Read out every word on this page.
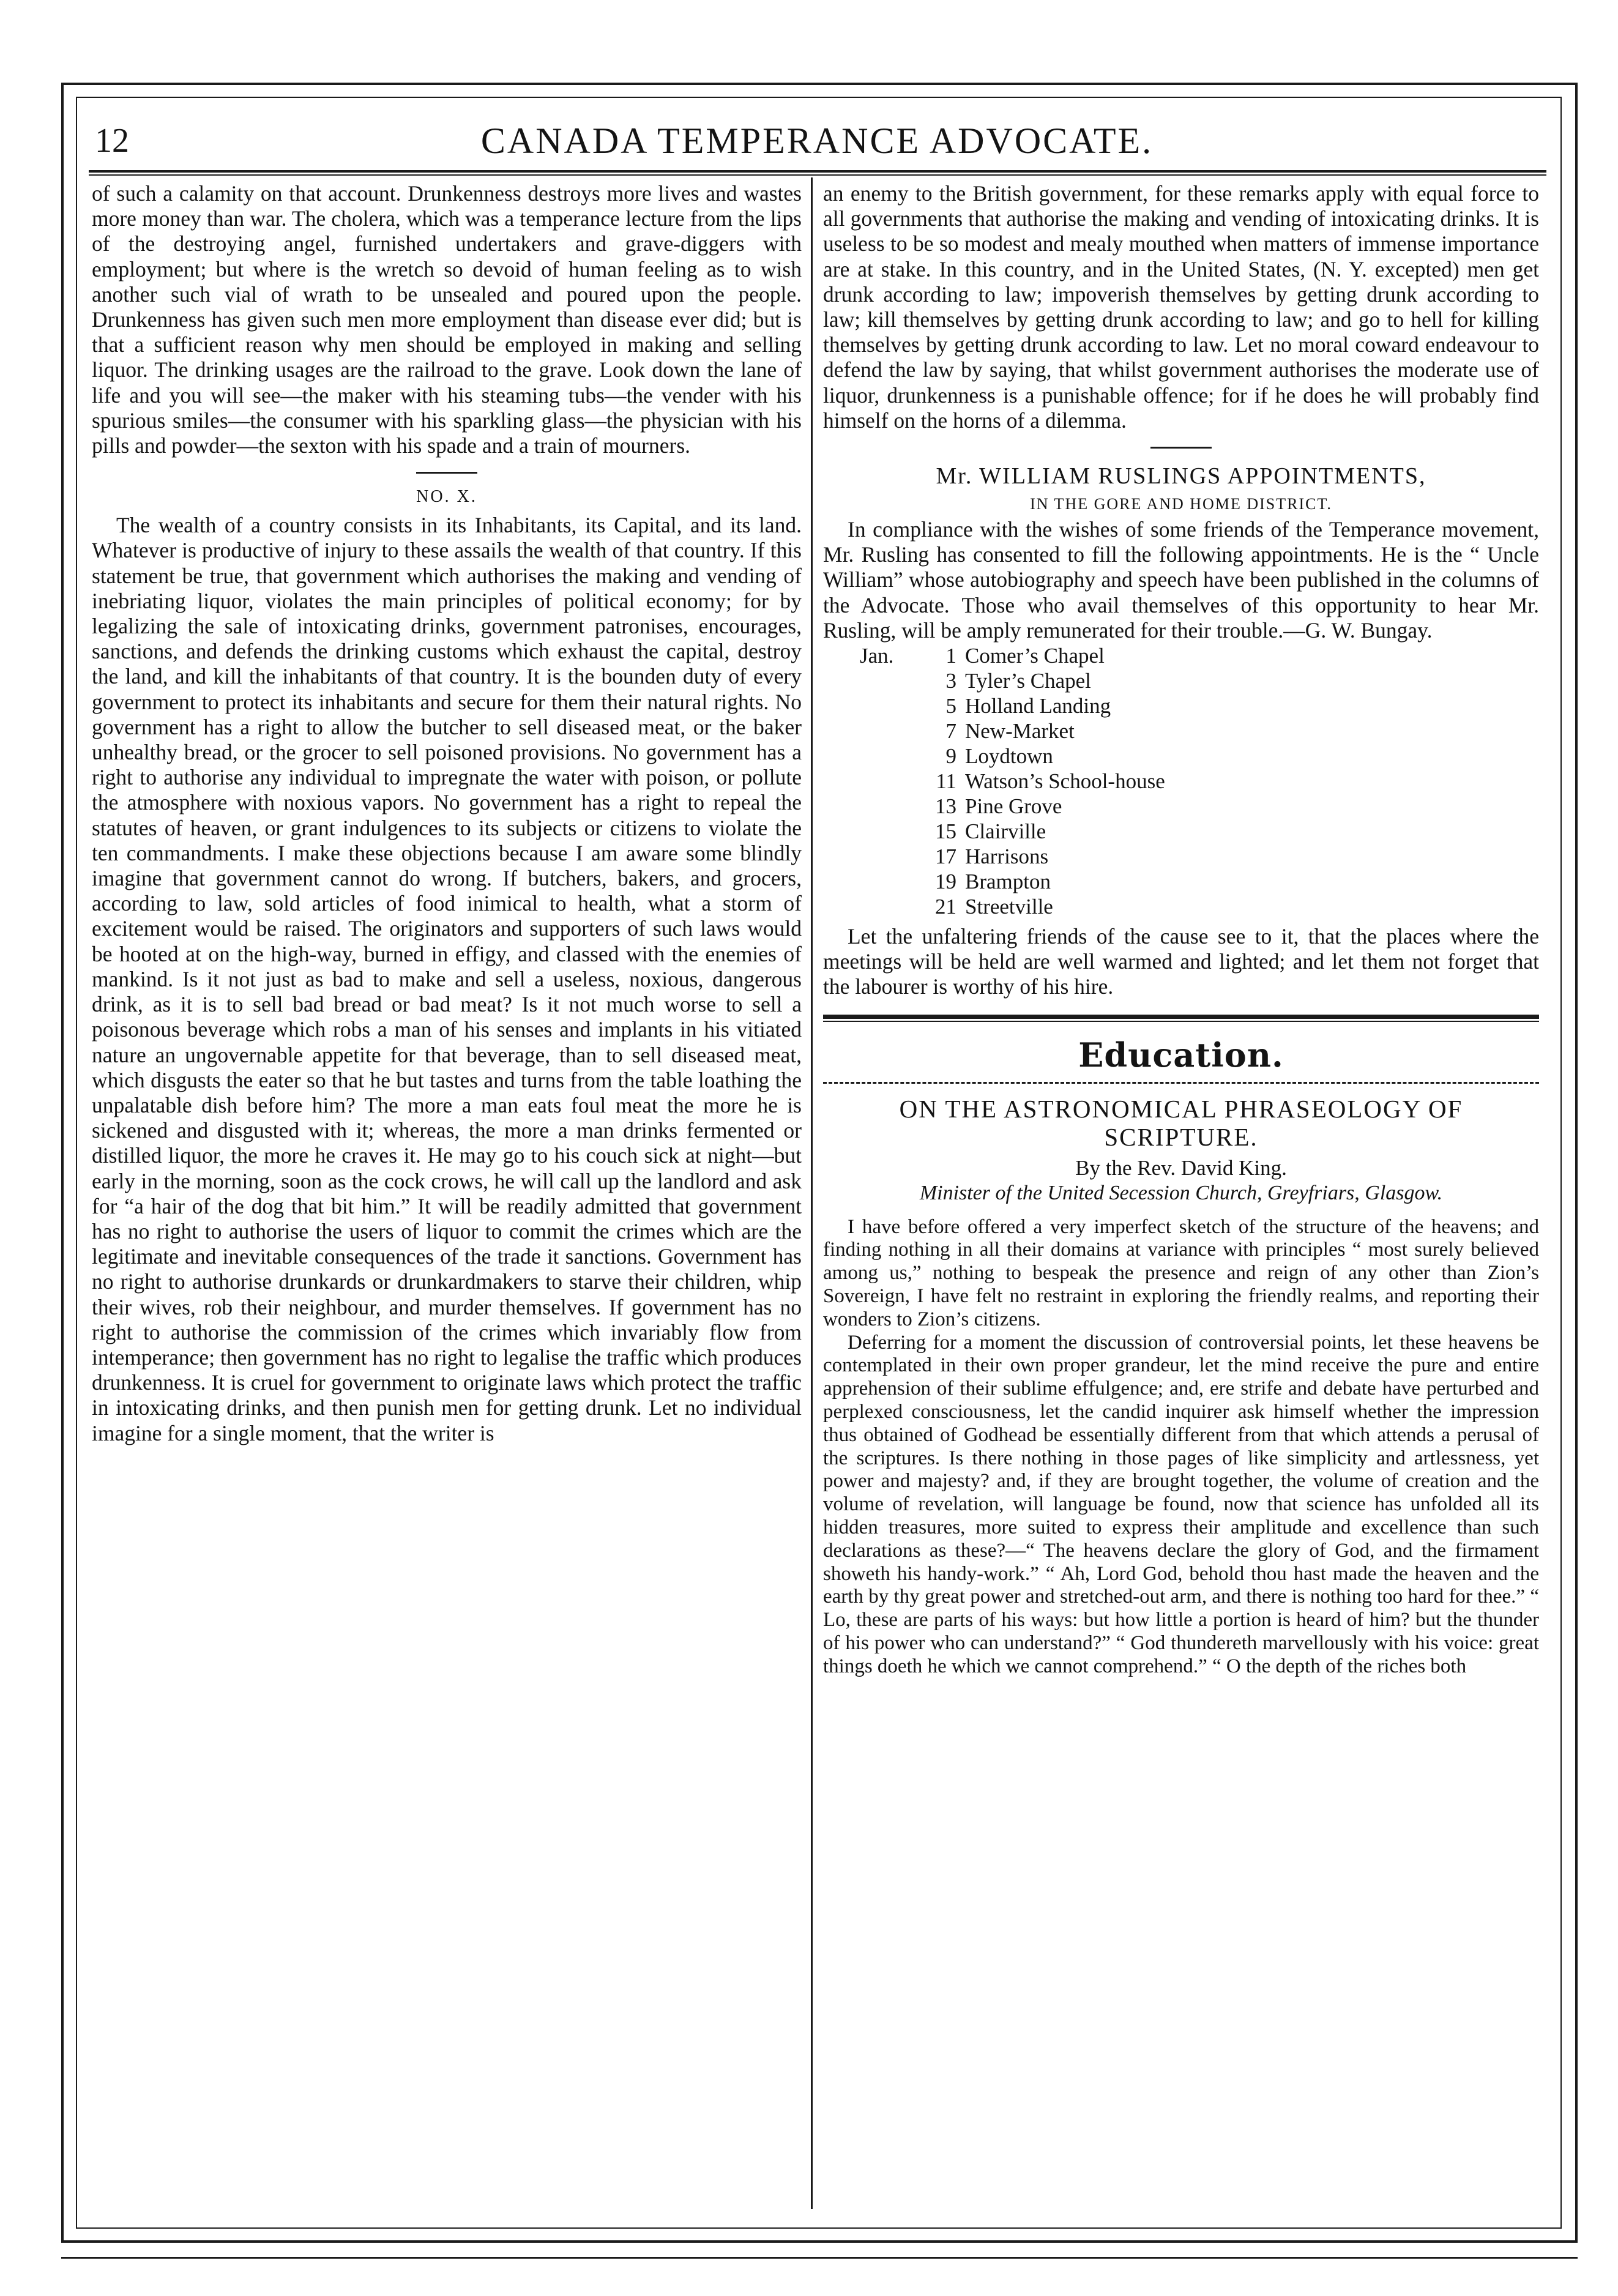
12	CANADA TEMPERANCE ADVOCATE.

of such a calamity on that account. Drunkenness destroys more lives and wastes more money than war. The cholera, which was a temperance lecture from the lips of the destroying angel, furnished undertakers and grave-diggers with employment; but where is the wretch so devoid of human feeling as to wish another such vial of wrath to be unsealed and poured upon the people. Drunkenness has given such men more employment than disease ever did; but is that a sufficient reason why men should be employed in making and selling liquor. The drinking usages are the railroad to the grave. Look down the lane of life and you will see—the maker with his steaming tubs—the vender with his spurious smiles—the consumer with his sparkling glass—the physician with his pills and powder—the sexton with his spade and a train of mourners.

NO. X.

The wealth of a country consists in its Inhabitants, its Capital, and its land. Whatever is productive of injury to these assails the wealth of that country. If this statement be true, that government which authorises the making and vending of inebriating liquor, violates the main principles of political economy; for by legalizing the sale of intoxicating drinks, government patronises, encourages, sanctions, and defends the drinking customs which exhaust the capital, destroy the land, and kill the inhabitants of that country. It is the bounden duty of every government to protect its inhabitants and secure for them their natural rights. No government has a right to allow the butcher to sell diseased meat, or the baker unhealthy bread, or the grocer to sell poisoned provisions. No government has a right to authorise any individual to impregnate the water with poison, or pollute the atmosphere with noxious vapors. No government has a right to repeal the statutes of heaven, or grant indulgences to its subjects or citizens to violate the ten commandments. I make these objections because I am aware some blindly imagine that government cannot do wrong. If butchers, bakers, and grocers, according to law, sold articles of food inimical to health, what a storm of excitement would be raised. The originators and supporters of such laws would be hooted at on the high-way, burned in effigy, and classed with the enemies of mankind. Is it not just as bad to make and sell a useless, noxious, dangerous drink, as it is to sell bad bread or bad meat? Is it not much worse to sell a poisonous beverage which robs a man of his senses and implants in his vitiated nature an ungovernable appetite for that beverage, than to sell diseased meat, which disgusts the eater so that he but tastes and turns from the table loathing the unpalatable dish before him? The more a man eats foul meat the more he is sickened and disgusted with it; whereas, the more a man drinks fermented or distilled liquor, the more he craves it. He may go to his couch sick at night—but early in the morning, soon as the cock crows, he will call up the landlord and ask for “a hair of the dog that bit him.” It will be readily admitted that government has no right to authorise the users of liquor to commit the crimes which are the legitimate and inevitable consequences of the trade it sanctions. Government has no right to authorise drunkards or drunkardmakers to starve their children, whip their wives, rob their neighbour, and murder themselves. If government has no right to authorise the commission of the crimes which invariably flow from intemperance; then government has no right to legalise the traffic which produces drunkenness. It is cruel for government to originate laws which protect the traffic in intoxicating drinks, and then punish men for getting drunk. Let no individual imagine for a single moment, that the writer is

an enemy to the British government, for these remarks apply with equal force to all governments that authorise the making and vending of intoxicating drinks. It is useless to be so modest and mealy mouthed when matters of immense importance are at stake. In this country, and in the United States, (N. Y. excepted) men get drunk according to law; impoverish themselves by getting drunk according to law; kill themselves by getting drunk according to law; and go to hell for killing themselves by getting drunk according to law. Let no moral coward endeavour to defend the law by saying, that whilst government authorises the moderate use of liquor, drunkenness is a punishable offence; for if he does he will probably find himself on the horns of a dilemma.

Mr. WILLIAM RUSLINGS APPOINTMENTS,
IN THE GORE AND HOME DISTRICT.

In compliance with the wishes of some friends of the Temperance movement, Mr. Rusling has consented to fill the following appointments. He is the “ Uncle William” whose autobiography and speech have been published in the columns of the Advocate. Those who avail themselves of this opportunity to hear Mr. Rusling, will be amply remunerated for their trouble.—G. W. Bungay.

Jan.	1 Comer’s Chapel
3 Tyler’s Chapel
5 Holland Landing
7 New-Market
9 Loydtown
11 Watson’s School-house
13 Pine Grove
15 Clairville
17 Harrisons
19 Brampton
21 Streetville

Let the unfaltering friends of the cause see to it, that the places where the meetings will be held are well warmed and lighted; and let them not forget that the labourer is worthy of his hire.

Education.
ON THE ASTRONOMICAL PHRASEOLOGY OF SCRIPTURE.
By the Rev. David King.
Minister of the United Secession Church, Greyfriars, Glasgow.

I have before offered a very imperfect sketch of the structure of the heavens; and finding nothing in all their domains at variance with principles “ most surely believed among us,” nothing to bespeak the presence and reign of any other than Zion’s Sovereign, I have felt no restraint in exploring the friendly realms, and reporting their wonders to Zion’s citizens.

Deferring for a moment the discussion of controversial points, let these heavens be contemplated in their own proper grandeur, let the mind receive the pure and entire apprehension of their sublime effulgence; and, ere strife and debate have perturbed and perplexed consciousness, let the candid inquirer ask himself whether the impression thus obtained of Godhead be essentially different from that which attends a perusal of the scriptures. Is there nothing in those pages of like simplicity and artlessness, yet power and majesty? and, if they are brought together, the volume of creation and the volume of revelation, will language be found, now that science has unfolded all its hidden treasures, more suited to express their amplitude and excellence than such declarations as these?—“ The heavens declare the glory of God, and the firmament showeth his handy-work.” “ Ah, Lord God, behold thou hast made the heaven and the earth by thy great power and stretched-out arm, and there is nothing too hard for thee.” “ Lo, these are parts of his ways: but how little a portion is heard of him? but the thunder of his power who can understand?” “ God thundereth marvellously with his voice: great things doeth he which we cannot comprehend.” “ O the depth of the riches both
